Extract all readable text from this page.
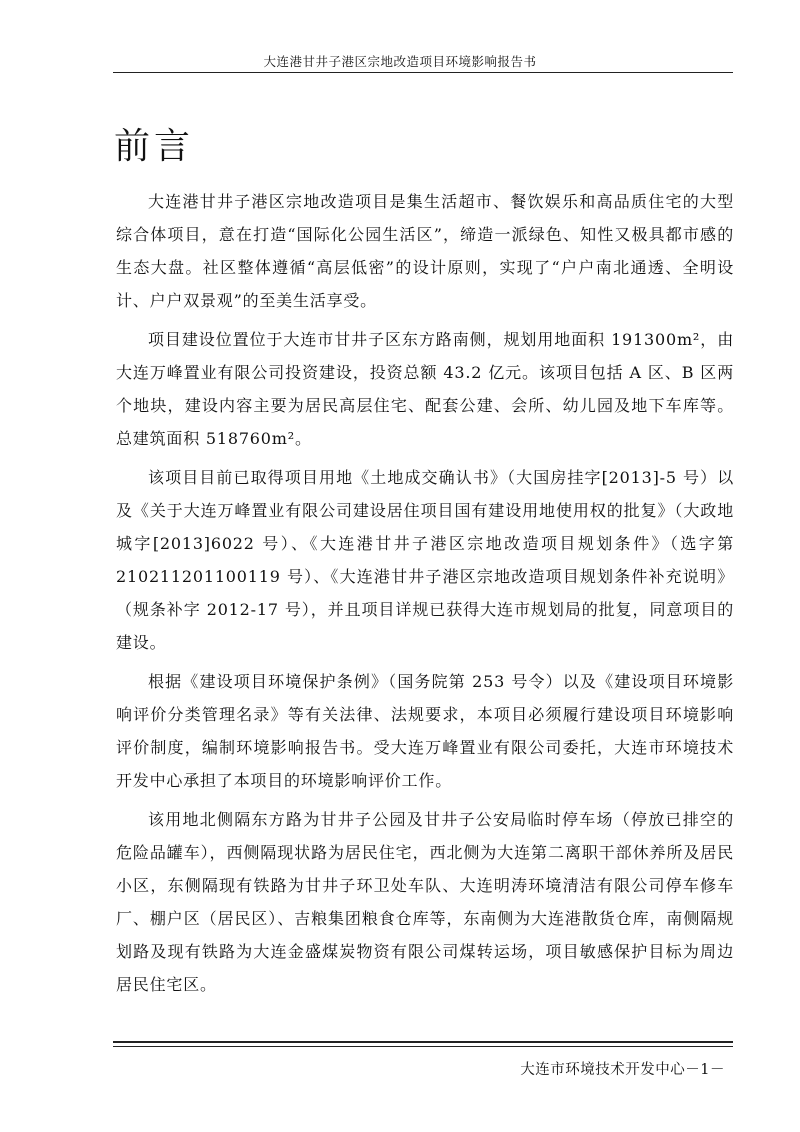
大连港甘井子港区宗地改造项目环境影响报告书
前言

大连港甘井子港区宗地改造项目是集生活超市、餐饮娱乐和高品质住宅的大型综合体项目，意在打造“国际化公园生活区”，缔造一派绿色、知性又极具都市感的生态大盘。社区整体遵循“高层低密”的设计原则，实现了“户户南北通透、全明设计、户户双景观”的至美生活享受。

项目建设位置位于大连市甘井子区东方路南侧，规划用地面积 191300m²，由大连万峰置业有限公司投资建设，投资总额 43.2 亿元。该项目包括 A 区、B 区两个地块，建设内容主要为居民高层住宅、配套公建、会所、幼儿园及地下车库等。总建筑面积 518760m²。

该项目目前已取得项目用地《土地成交确认书》（大国房挂字[2013]-5 号）以及《关于大连万峰置业有限公司建设居住项目国有建设用地使用权的批复》（大政地城字[2013]6022 号）、《大连港甘井子港区宗地改造项目规划条件》（选字第 210211201100119 号）、《大连港甘井子港区宗地改造项目规划条件补充说明》（规条补字 2012-17 号），并且项目详规已获得大连市规划局的批复，同意项目的建设。

根据《建设项目环境保护条例》（国务院第 253 号令）以及《建设项目环境影响评价分类管理名录》等有关法律、法规要求，本项目必须履行建设项目环境影响评价制度，编制环境影响报告书。受大连万峰置业有限公司委托，大连市环境技术开发中心承担了本项目的环境影响评价工作。

该用地北侧隔东方路为甘井子公园及甘井子公安局临时停车场（停放已排空的危险品罐车），西侧隔现状路为居民住宅，西北侧为大连第二离职干部休养所及居民小区，东侧隔现有铁路为甘井子环卫处车队、大连明涛环境清洁有限公司停车修车厂、棚户区（居民区）、吉粮集团粮食仓库等，东南侧为大连港散货仓库，南侧隔规划路及现有铁路为大连金盛煤炭物资有限公司煤转运场，项目敏感保护目标为周边居民住宅区。

大连市环境技术开发中心－1－
